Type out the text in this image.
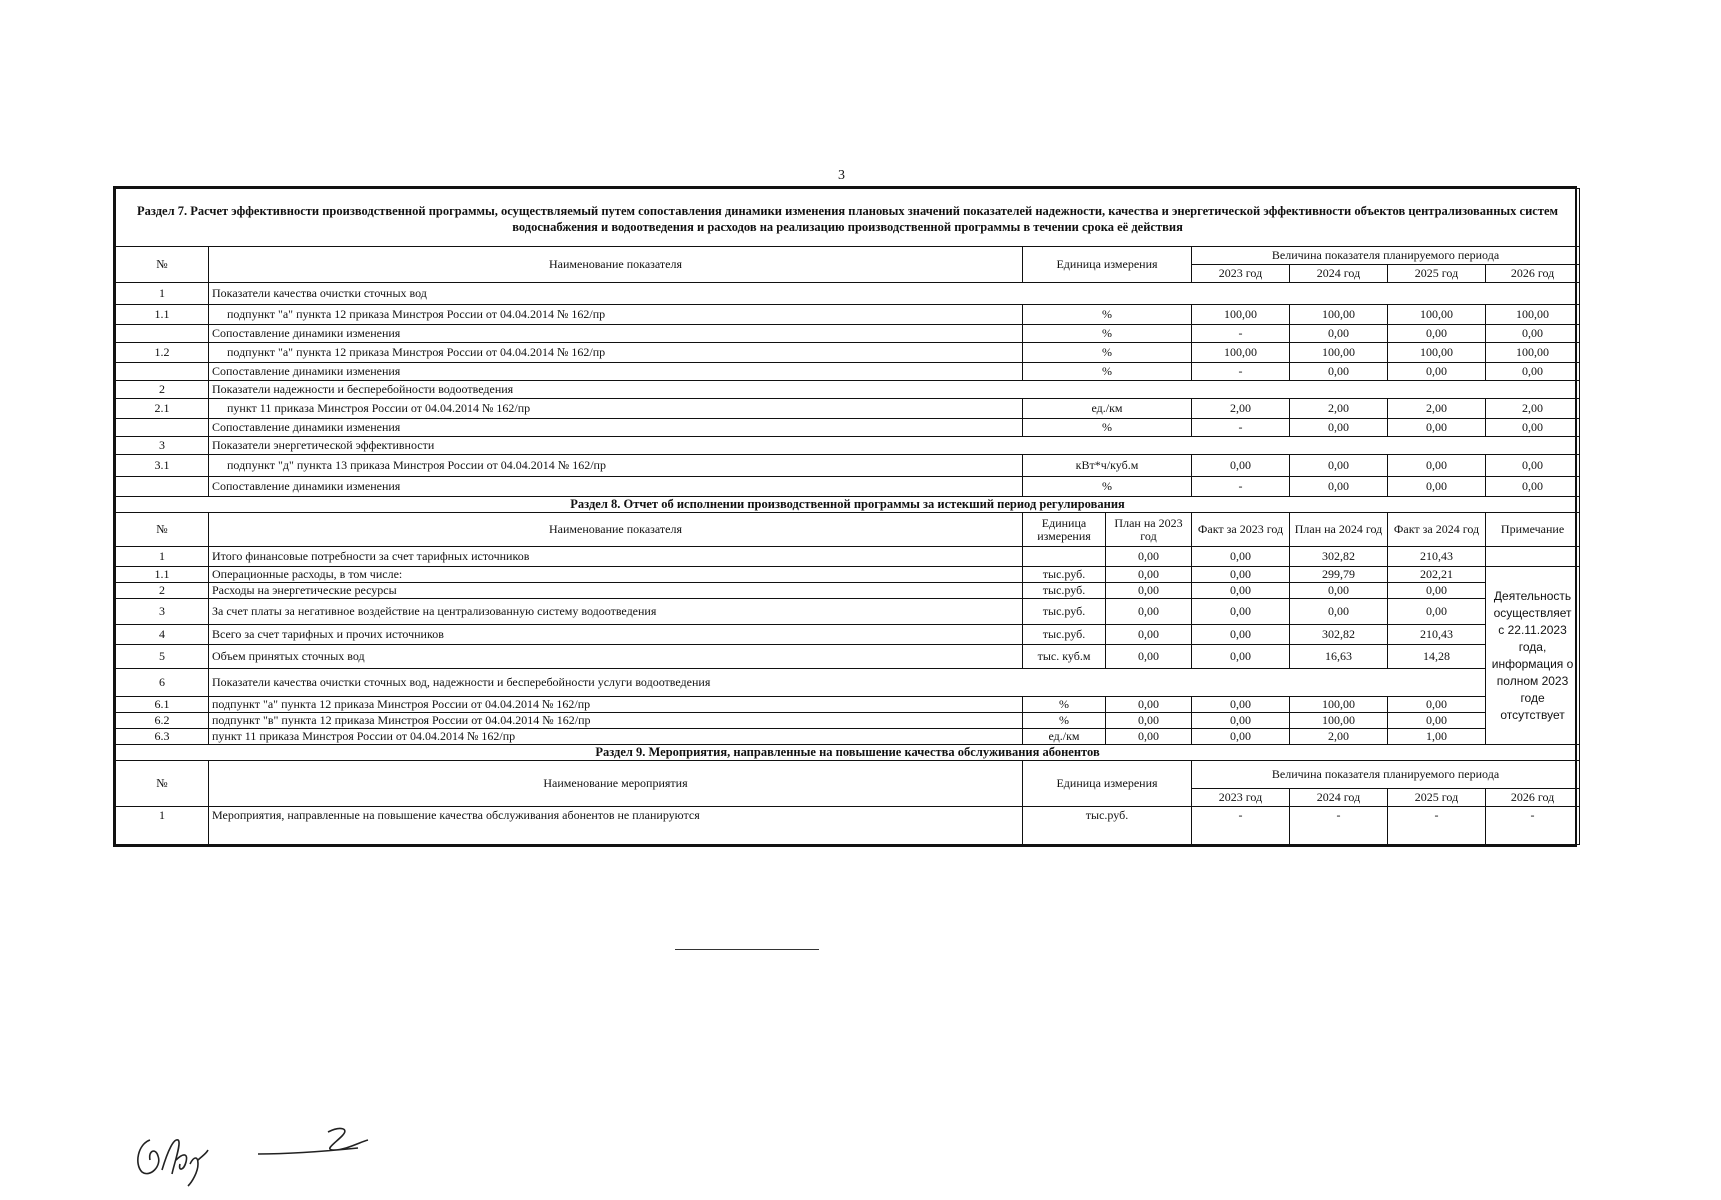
3
Раздел 7. Расчет эффективности производственной программы, осуществляемый путем сопоставления динамики изменения плановых значений показателей надежности, качества и энергетической эффективности объектов централизованных систем водоснабжения и водоотведения и расходов на реализацию производственной программы в течении срока её действия							
№	Наименование показателя	Единица измерения		Величина показателя планируемого периода			
				2023 год	2024 год	2025 год	2026 год
1	Показатели качества очистки сточных вод						
1.1	подпункт "а" пункта 12 приказа Минстроя России от 04.04.2014 № 162/пр	%		100,00	100,00	100,00	100,00
	Сопоставление динамики изменения	%		-	0,00	0,00	0,00
1.2	подпункт "а" пункта 12 приказа Минстроя России от 04.04.2014 № 162/пр	%		100,00	100,00	100,00	100,00
	Сопоставление динамики изменения	%		-	0,00	0,00	0,00
2	Показатели надежности и бесперебойности водоотведения						
2.1	пункт 11 приказа Минстроя России от 04.04.2014 № 162/пр	ед./км		2,00	2,00	2,00	2,00
	Сопоставление динамики изменения	%		-	0,00	0,00	0,00
3	Показатели энергетической эффективности						
3.1	подпункт "д" пункта 13 приказа Минстроя России от 04.04.2014 № 162/пр	кВт*ч/куб.м		0,00	0,00	0,00	0,00
	Сопоставление динамики изменения	%		-	0,00	0,00	0,00
Раздел 8. Отчет об исполнении производственной программы за истекший период регулирования							
№	Наименование показателя	Единица измерения	План на 2023 год	Факт за 2023 год	План на 2024 год	Факт за 2024 год	Примечание
1	Итого финансовые потребности за счет тарифных источников		0,00	0,00	302,82	210,43	
1.1	Операционные расходы, в том числе:	тыс.руб.	0,00	0,00	299,79	202,21	Деятельность осуществляет с 22.11.2023 года, информация о полном 2023 годе отсутствует
2	Расходы на энергетические ресурсы	тыс.руб.	0,00	0,00	0,00	0,00	
3	За счет платы за негативное воздействие на централизованную систему водоотведения	тыс.руб.	0,00	0,00	0,00	0,00	
4	Всего за счет тарифных и прочих источников	тыс.руб.	0,00	0,00	302,82	210,43	
5	Объем принятых сточных вод	тыс. куб.м	0,00	0,00	16,63	14,28	
6	Показатели качества очистки сточных вод, надежности и бесперебойности услуги водоотведения						
6.1	подпункт "а" пункта 12 приказа Минстроя России от 04.04.2014 № 162/пр	%	0,00	0,00	100,00	0,00	
6.2	подпункт "в" пункта 12 приказа Минстроя России от 04.04.2014 № 162/пр	%	0,00	0,00	100,00	0,00	
6.3	пункт 11 приказа Минстроя России от 04.04.2014 № 162/пр	ед./км	0,00	0,00	2,00	1,00	
Раздел 9. Мероприятия, направленные на повышение качества обслуживания абонентов							
№	Наименование мероприятия	Единица измерения		Величина показателя планируемого периода			
				2023 год	2024 год	2025 год	2026 год
1	Мероприятия, направленные на повышение качества обслуживания абонентов не планируются	тыс.руб.		-	-	-	-
